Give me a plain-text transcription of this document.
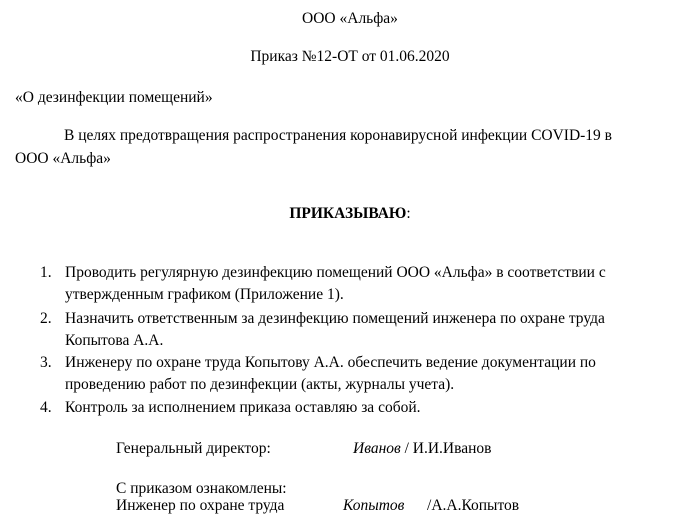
ООО «Альфа»
Приказ №12-ОТ от 01.06.2020
«О дезинфекции помещений»
В целях предотвращения распространения коронавирусной инфекции COVID-19 в
ООО «Альфа»
ПРИКАЗЫВАЮ:
1. Проводить регулярную дезинфекцию помещений ООО «Альфа» в соответствии с
утвержденным графиком (Приложение 1).
2. Назначить ответственным за дезинфекцию помещений инженера по охране труда
Копытова А.А.
3. Инженеру по охране труда Копытову А.А. обеспечить ведение документации по
проведению работ по дезинфекции (акты, журналы учета).
4. Контроль за исполнением приказа оставляю за собой.
Генеральный директор:	Иванов / И.И.Иванов
С приказом ознакомлены:
Инженер по охране труда	Копытов /А.А.Копытов
